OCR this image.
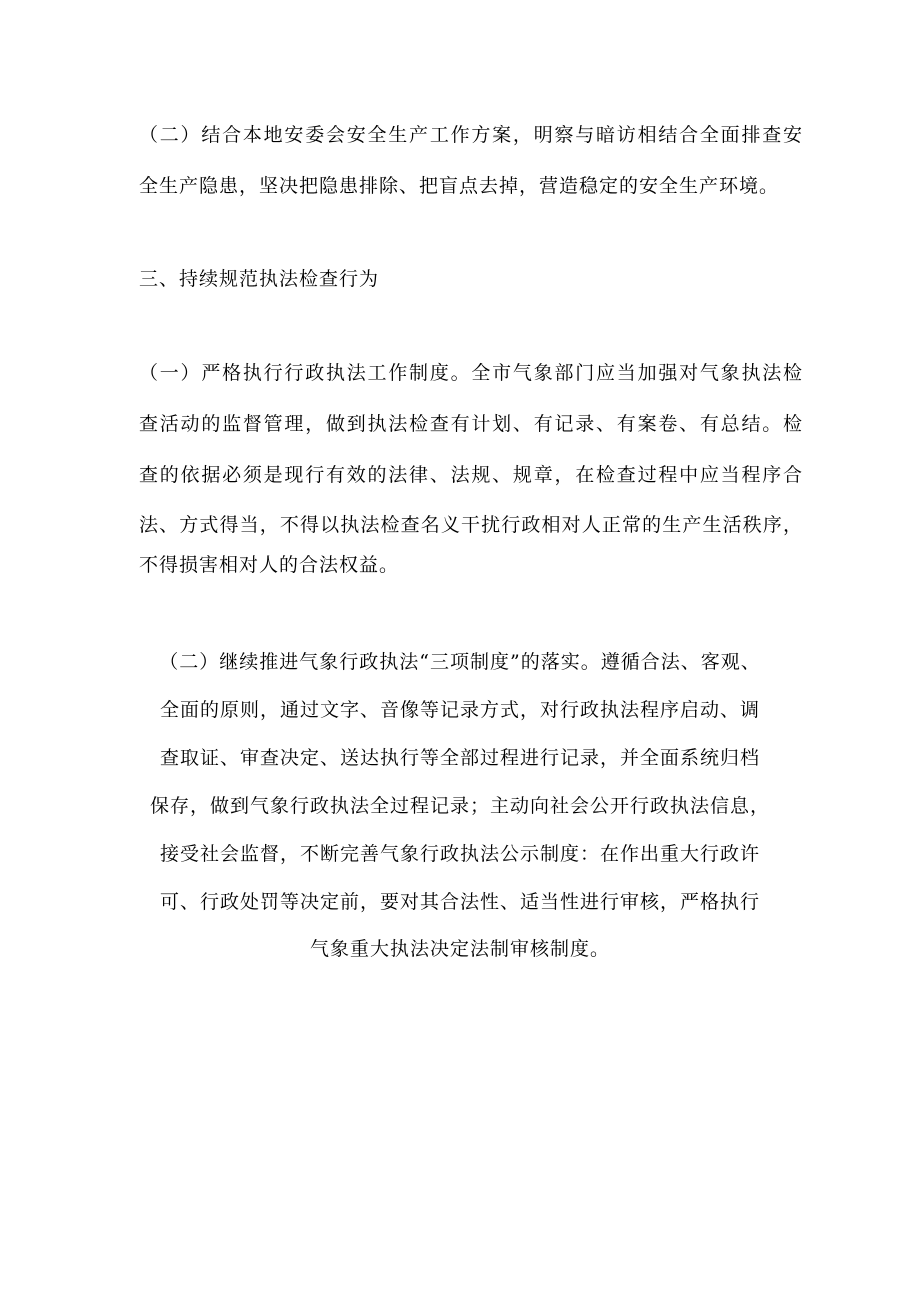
（二）结合本地安委会安全生产工作方案，明察与暗访相结合全面排查安
全生产隐患，坚决把隐患排除、把盲点去掉，营造稳定的安全生产环境。
三、持续规范执法检查行为
（一）严格执行行政执法工作制度。全市气象部门应当加强对气象执法检
查活动的监督管理，做到执法检查有计划、有记录、有案卷、有总结。检
查的依据必须是现行有效的法律、法规、规章，在检查过程中应当程序合
法、方式得当，不得以执法检查名义干扰行政相对人正常的生产生活秩序，
不得损害相对人的合法权益。
（二）继续推进气象行政执法“三项制度”的落实。遵循合法、客观、
全面的原则，通过文字、音像等记录方式，对行政执法程序启动、调
查取证、审查决定、送达执行等全部过程进行记录，并全面系统归档
保存，做到气象行政执法全过程记录；主动向社会公开行政执法信息，
接受社会监督，不断完善气象行政执法公示制度：在作出重大行政许
可、行政处罚等决定前，要对其合法性、适当性进行审核，严格执行
气象重大执法决定法制审核制度。
